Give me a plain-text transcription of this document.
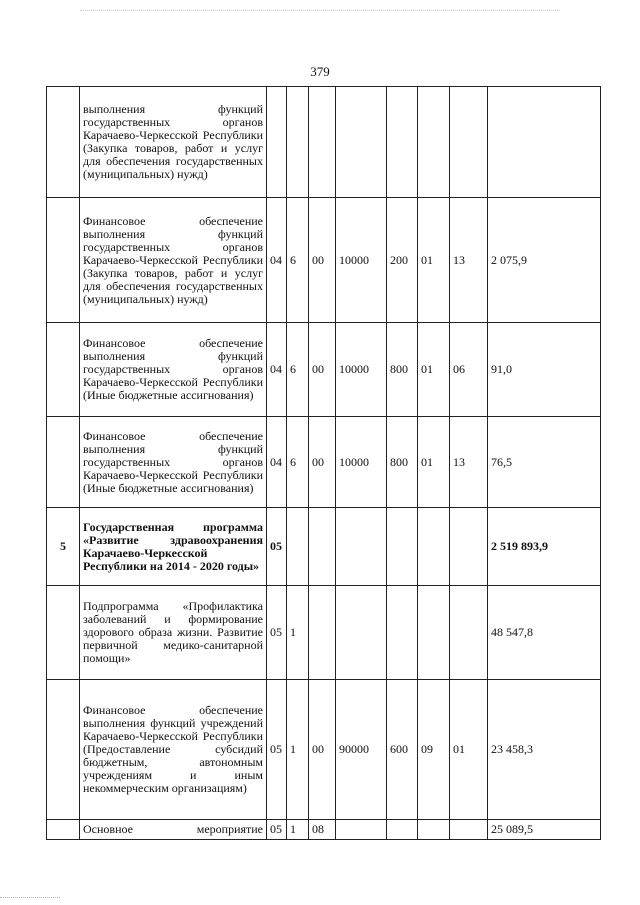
379
	выполнения функций государственных органов Карачаево-Черкесской Республики (Закупка товаров, работ и услуг для обеспечения государственных (муниципальных) нужд)								
	Финансовое обеспечение выполнения функций государственных органов Карачаево-Черкесской Республики (Закупка товаров, работ и услуг для обеспечения государственных (муниципальных) нужд)	04	6	00	10000	200	01	13	2 075,9
	Финансовое обеспечение выполнения функций государственных органов Карачаево-Черкесской Республики (Иные бюджетные ассигнования)	04	6	00	10000	800	01	06	91,0
	Финансовое обеспечение выполнения функций государственных органов Карачаево-Черкесской Республики (Иные бюджетные ассигнования)	04	6	00	10000	800	01	13	76,5
5	Государственная программа «Развитие здравоохранения Карачаево-Черкесской Республики на 2014 - 2020 годы»	05							2 519 893,9
	Подпрограмма «Профилактика заболеваний и формирование здорового образа жизни. Развитие первичной медико-санитарной помощи»	05	1						48 547,8
	Финансовое обеспечение выполнения функций учреждений Карачаево-Черкесской Республики (Предоставление субсидий бюджетным, автономным учреждениям и иным некоммерческим организациям)	05	1	00	90000	600	09	01	23 458,3
	Основное мероприятие	05	1	08					25 089,5
